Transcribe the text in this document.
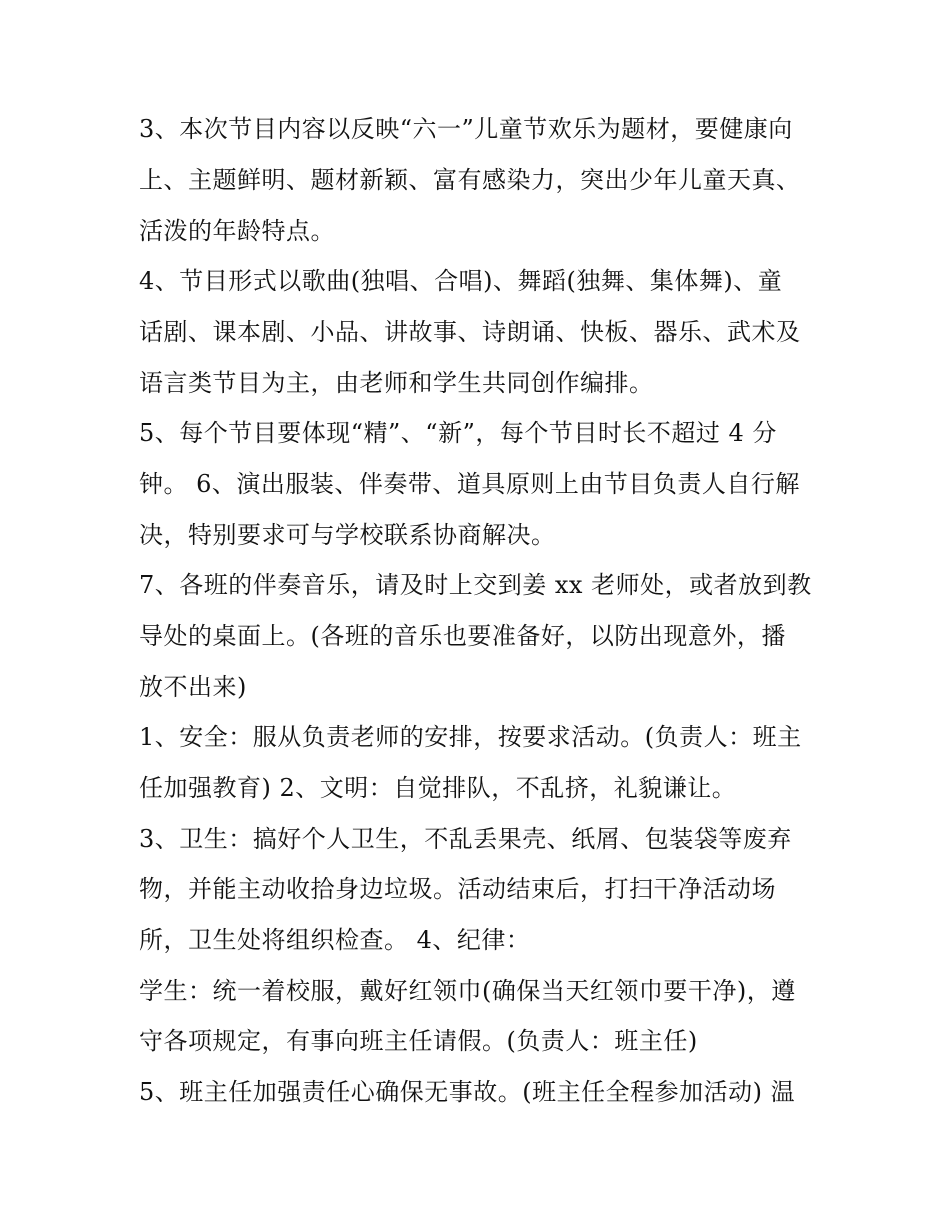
3、本次节目内容以反映“六一”儿童节欢乐为题材，要健康向
上、主题鲜明、题材新颖、富有感染力，突出少年儿童天真、
活泼的年龄特点。
4、节目形式以歌曲(独唱、合唱)、舞蹈(独舞、集体舞)、童
话剧、课本剧、小品、讲故事、诗朗诵、快板、器乐、武术及
语言类节目为主，由老师和学生共同创作编排。
5、每个节目要体现“精”、“新”，每个节目时长不超过 4 分
钟。 6、演出服装、伴奏带、道具原则上由节目负责人自行解
决，特别要求可与学校联系协商解决。
7、各班的伴奏音乐，请及时上交到姜 xx 老师处，或者放到教
导处的桌面上。(各班的音乐也要准备好，以防出现意外，播
放不出来)
1、安全：服从负责老师的安排，按要求活动。(负责人：班主
任加强教育) 2、文明：自觉排队，不乱挤，礼貌谦让。
3、卫生：搞好个人卫生，不乱丢果壳、纸屑、包装袋等废弃
物，并能主动收拾身边垃圾。活动结束后，打扫干净活动场
所，卫生处将组织检查。 4、纪律：
学生：统一着校服，戴好红领巾(确保当天红领巾要干净)，遵
守各项规定，有事向班主任请假。(负责人：班主任)
5、班主任加强责任心确保无事故。(班主任全程参加活动) 温
